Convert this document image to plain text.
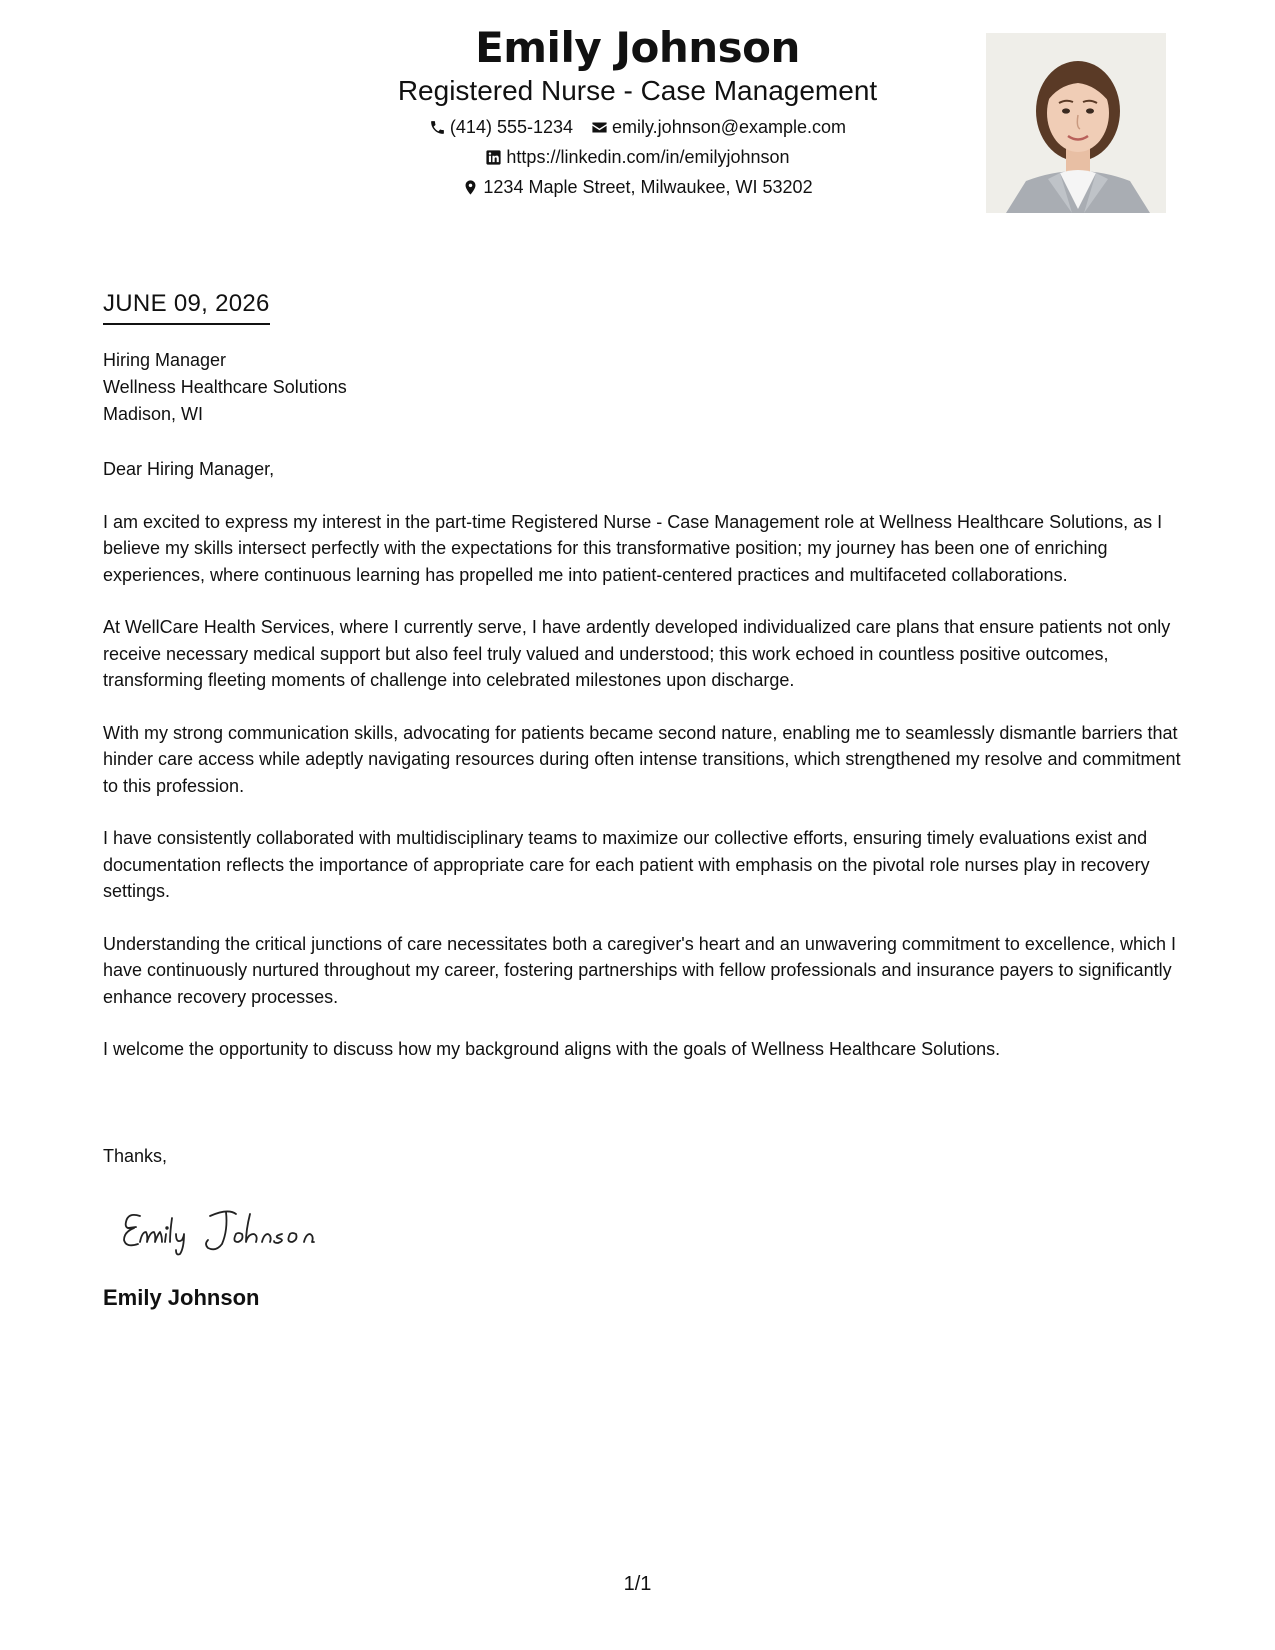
Emily Johnson
Registered Nurse - Case Management
(414) 555-1234 emily.johnson@example.com
https://linkedin.com/in/emilyjohnson
1234 Maple Street, Milwaukee, WI 53202
JUNE 09, 2026
Hiring Manager
Wellness Healthcare Solutions
Madison, WI

Dear Hiring Manager,

I am excited to express my interest in the part-time Registered Nurse - Case Management role at Wellness Healthcare Solutions, as I believe my skills intersect perfectly with the expectations for this transformative position; my journey has been one of enriching experiences, where continuous learning has propelled me into patient-centered practices and multifaceted collaborations.

At WellCare Health Services, where I currently serve, I have ardently developed individualized care plans that ensure patients not only receive necessary medical support but also feel truly valued and understood; this work echoed in countless positive outcomes, transforming fleeting moments of challenge into celebrated milestones upon discharge.

With my strong communication skills, advocating for patients became second nature, enabling me to seamlessly dismantle barriers that hinder care access while adeptly navigating resources during often intense transitions, which strengthened my resolve and commitment to this profession.

I have consistently collaborated with multidisciplinary teams to maximize our collective efforts, ensuring timely evaluations exist and documentation reflects the importance of appropriate care for each patient with emphasis on the pivotal role nurses play in recovery settings.

Understanding the critical junctions of care necessitates both a caregiver's heart and an unwavering commitment to excellence, which I have continuously nurtured throughout my career, fostering partnerships with fellow professionals and insurance payers to significantly enhance recovery processes.

I welcome the opportunity to discuss how my background aligns with the goals of Wellness Healthcare Solutions.

Thanks,
Emily Johnson
1/1
